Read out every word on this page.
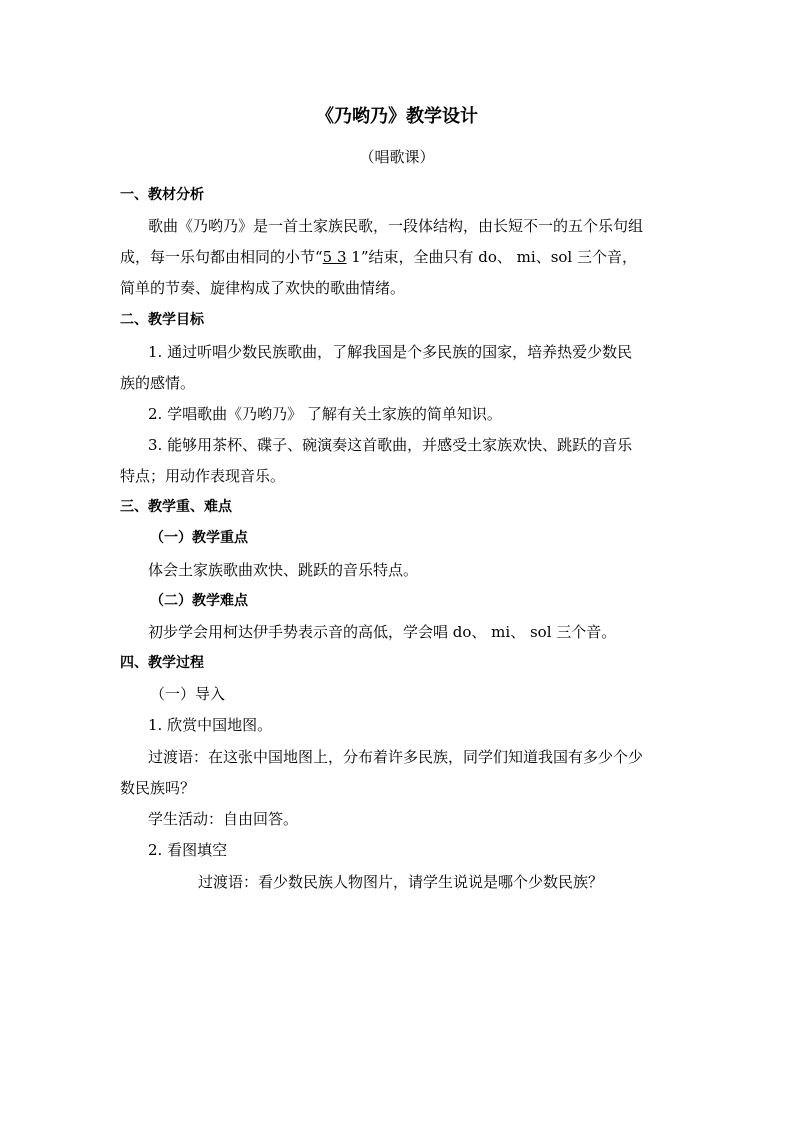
《乃哟乃》教学设计
（唱歌课）
一、教材分析
歌曲《乃哟乃》是一首土家族民歌，一段体结构，由长短不一的五个乐句组
成，每一乐句都由相同的小节“5 3 1”结束，全曲只有 do、 mi、sol 三个音，
简单的节奏、旋律构成了欢快的歌曲情绪。
二、教学目标
1. 通过听唱少数民族歌曲，了解我国是个多民族的国家，培养热爱少数民
族的感情。
2. 学唱歌曲《乃哟乃》 了解有关土家族的简单知识。
3. 能够用茶杯、碟子、碗演奏这首歌曲，并感受土家族欢快、跳跃的音乐
特点；用动作表现音乐。
三、教学重、难点
（一）教学重点
体会土家族歌曲欢快、跳跃的音乐特点。
（二）教学难点
初步学会用柯达伊手势表示音的高低，学会唱 do、 mi、 sol 三个音。
四、教学过程
（一）导入
1. 欣赏中国地图。
过渡语：在这张中国地图上，分布着许多民族，同学们知道我国有多少个少
数民族吗？
学生活动：自由回答。
2. 看图填空
过渡语：看少数民族人物图片，请学生说说是哪个少数民族？
